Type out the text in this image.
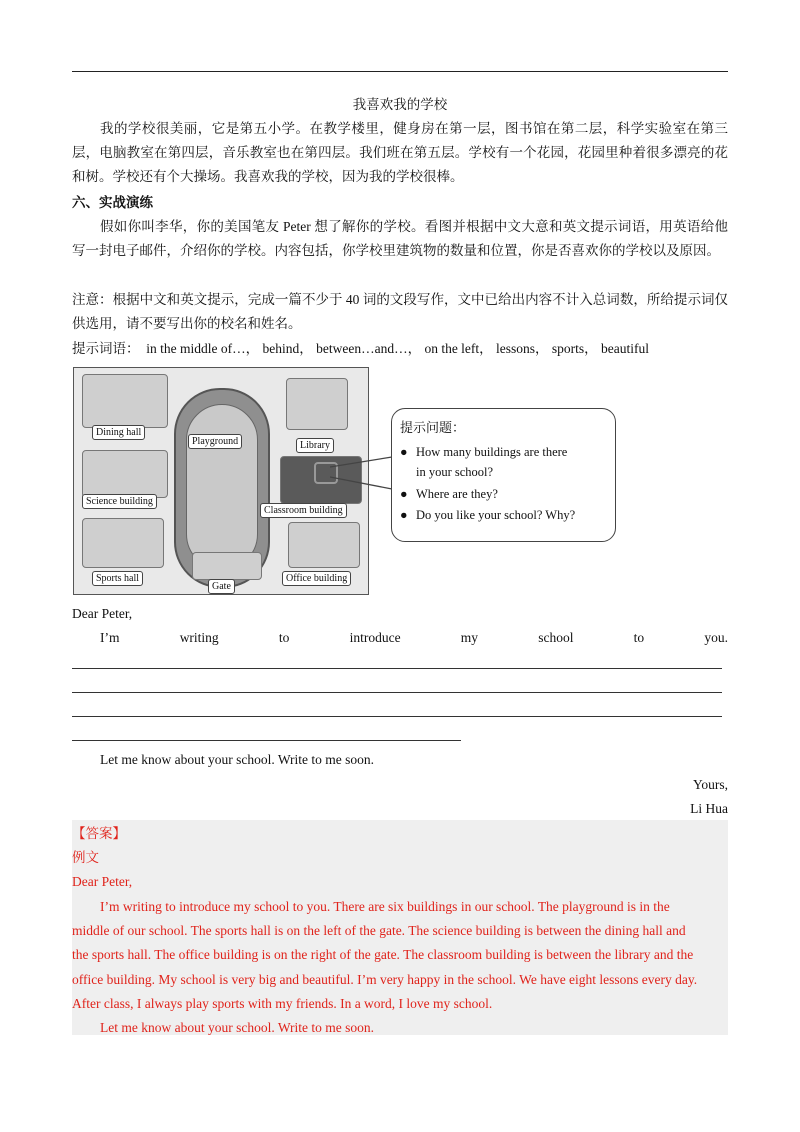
我喜欢我的学校
我的学校很美丽，它是第五小学。在教学楼里，健身房在第一层，图书馆在第二层，科学实验室在第三层，电脑教室在第四层，音乐教室也在第四层。我们班在第五层。学校有一个花园，花园里种着很多漂亮的花和树。学校还有个大操场。我喜欢我的学校，因为我的学校很棒。
六、实战演练
假如你叫李华，你的美国笔友 Peter 想了解你的学校。看图并根据中文大意和英文提示词语，用英语给他写一封电子邮件，介绍你的学校。内容包括，你学校里建筑物的数量和位置，你是否喜欢你的学校以及原因。
注意：根据中文和英文提示，完成一篇不少于 40 词的文段写作，文中已给出内容不计入总词数，所给提示词仅供选用，请不要写出你的校名和姓名。
提示词语：  in the middle of…， behind， between…and…， on the left， lessons， sports， beautiful
Dining hall
Playground	Library
Science building
Classroom building
Sports hall
Gate
Office building
提示问题：
● How many buildings are there
in your school?
● Where are they?
● Do you like your school? Why?
Dear Peter,
I’m	writing	to	introduce	my	school	to	you.
Let me know about your school. Write to me soon.
Yours,
Li Hua
【答案】
例文
Dear Peter,
I’m writing to introduce my school to you. There are six buildings in our school. The playground is in the
middle of our school. The sports hall is on the left of the gate. The science building is between the dining hall and
the sports hall. The office building is on the right of the gate. The classroom building is between the library and the
office building. My school is very big and beautiful. I’m very happy in the school. We have eight lessons every day.
After class, I always play sports with my friends. In a word, I love my school.
Let me know about your school. Write to me soon.
